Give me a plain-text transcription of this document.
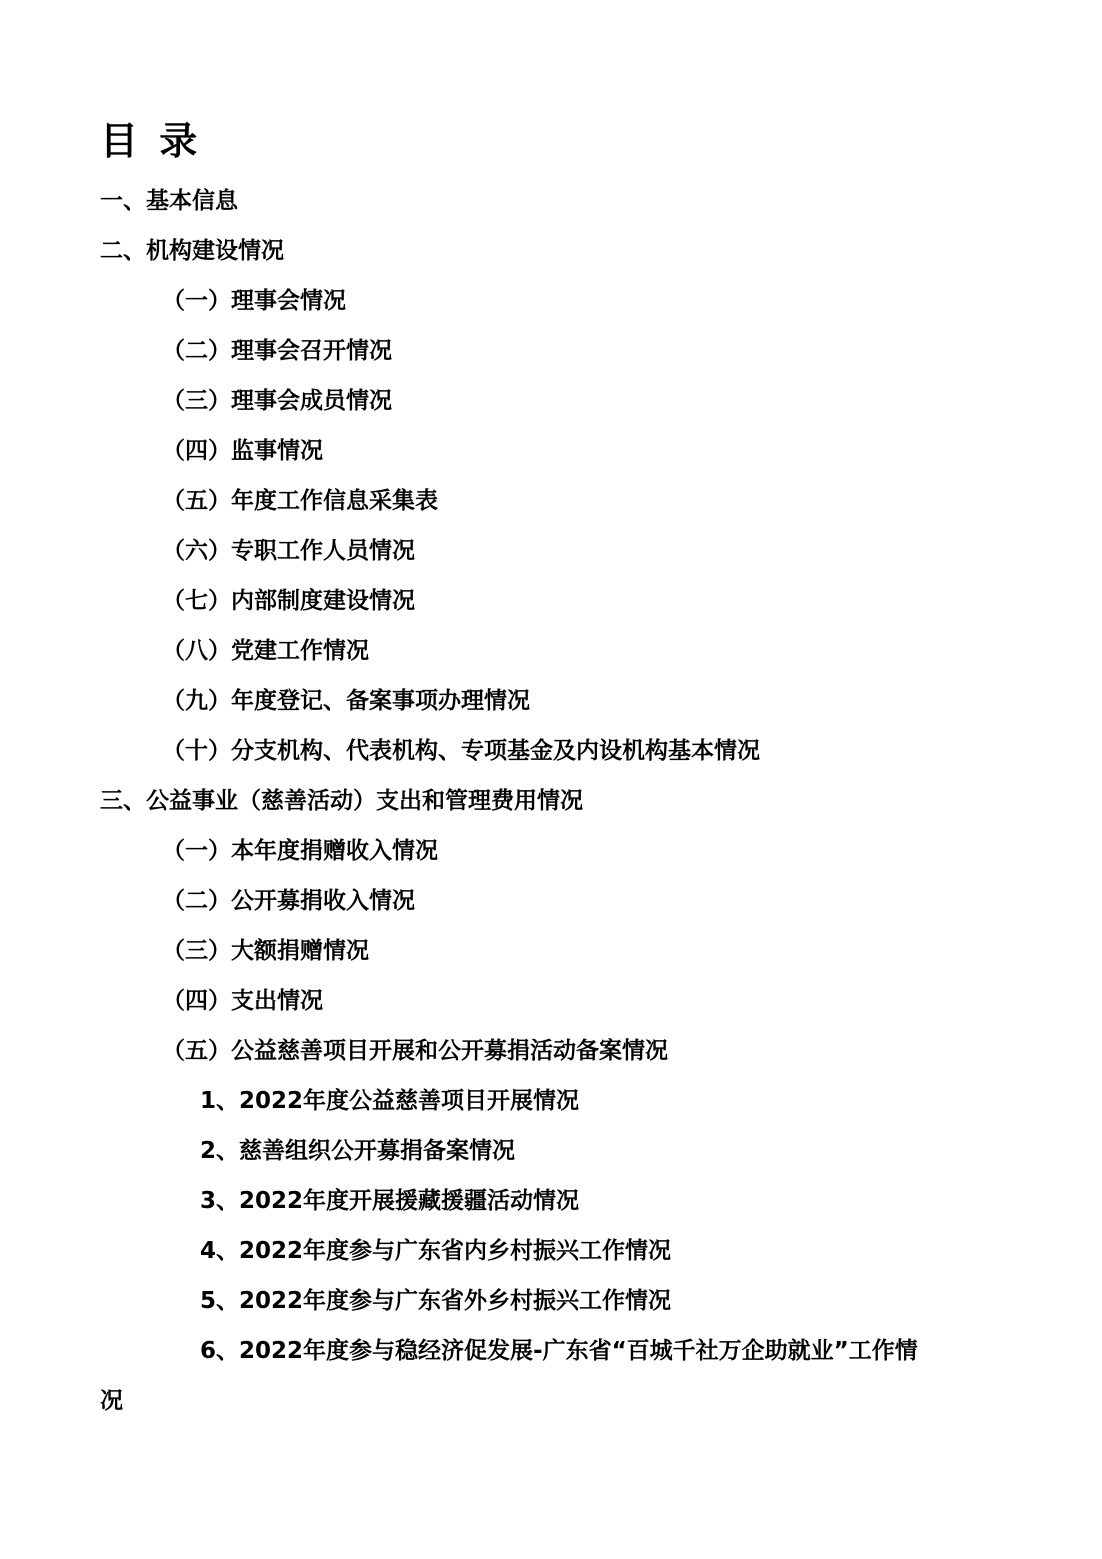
目 录
一、基本信息
二、机构建设情况
（一）理事会情况
（二）理事会召开情况
（三）理事会成员情况
（四）监事情况
（五）年度工作信息采集表
（六）专职工作人员情况
（七）内部制度建设情况
（八）党建工作情况
（九）年度登记、备案事项办理情况
（十）分支机构、代表机构、专项基金及内设机构基本情况
三、公益事业（慈善活动）支出和管理费用情况
（一）本年度捐赠收入情况
（二）公开募捐收入情况
（三）大额捐赠情况
（四）支出情况
（五）公益慈善项目开展和公开募捐活动备案情况
1、2022年度公益慈善项目开展情况
2、慈善组织公开募捐备案情况
3、2022年度开展援藏援疆活动情况
4、2022年度参与广东省内乡村振兴工作情况
5、2022年度参与广东省外乡村振兴工作情况
6、2022年度参与稳经济促发展-广东省“百城千社万企助就业”工作情
况
